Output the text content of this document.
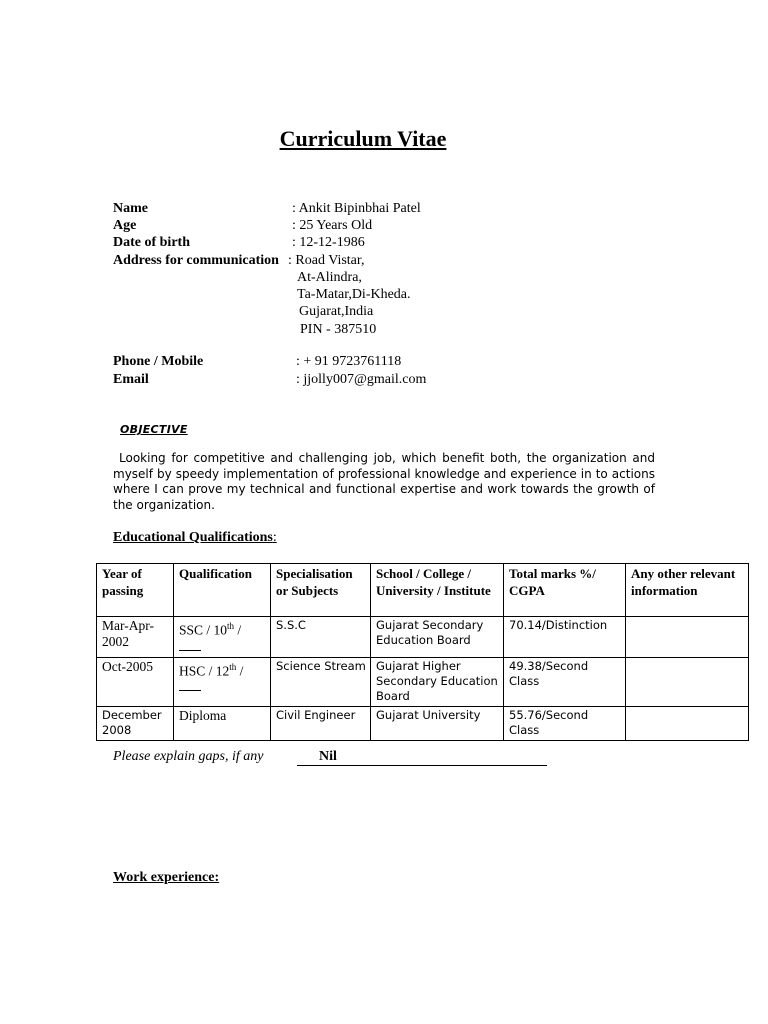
Curriculum Vitae
Name	: Ankit Bipinbhai Patel
Age	: 25 Years Old
Date of birth	: 12-12-1986
Address for communication : Road Vistar,
At-Alindra,
Ta-Matar,Di-Kheda.
Gujarat,India
PIN - 387510
Phone / Mobile	: + 91 9723761118
Email	: jjolly007@gmail.com
OBJECTIVE
Looking for competitive and challenging job, which benefit both, the organization and myself by speedy implementation of professional knowledge and experience in to actions where I can prove my technical and functional expertise and work towards the growth of the organization.
Educational Qualifications:
Year of passing	Qualification	Specialisation or Subjects	School / College / University / Institute	Total marks %/ CGPA	Any other relevant information
Mar-Apr-2002	SSC / 10th /	S.S.C	Gujarat Secondary Education Board	70.14/Distinction	
Oct-2005	HSC / 12th /	Science Stream	Gujarat Higher Secondary Education Board	49.38/Second Class	
December 2008	Diploma	Civil Engineer	Gujarat University	55.76/Second Class	
Please explain gaps, if any	Nil
Work experience:
